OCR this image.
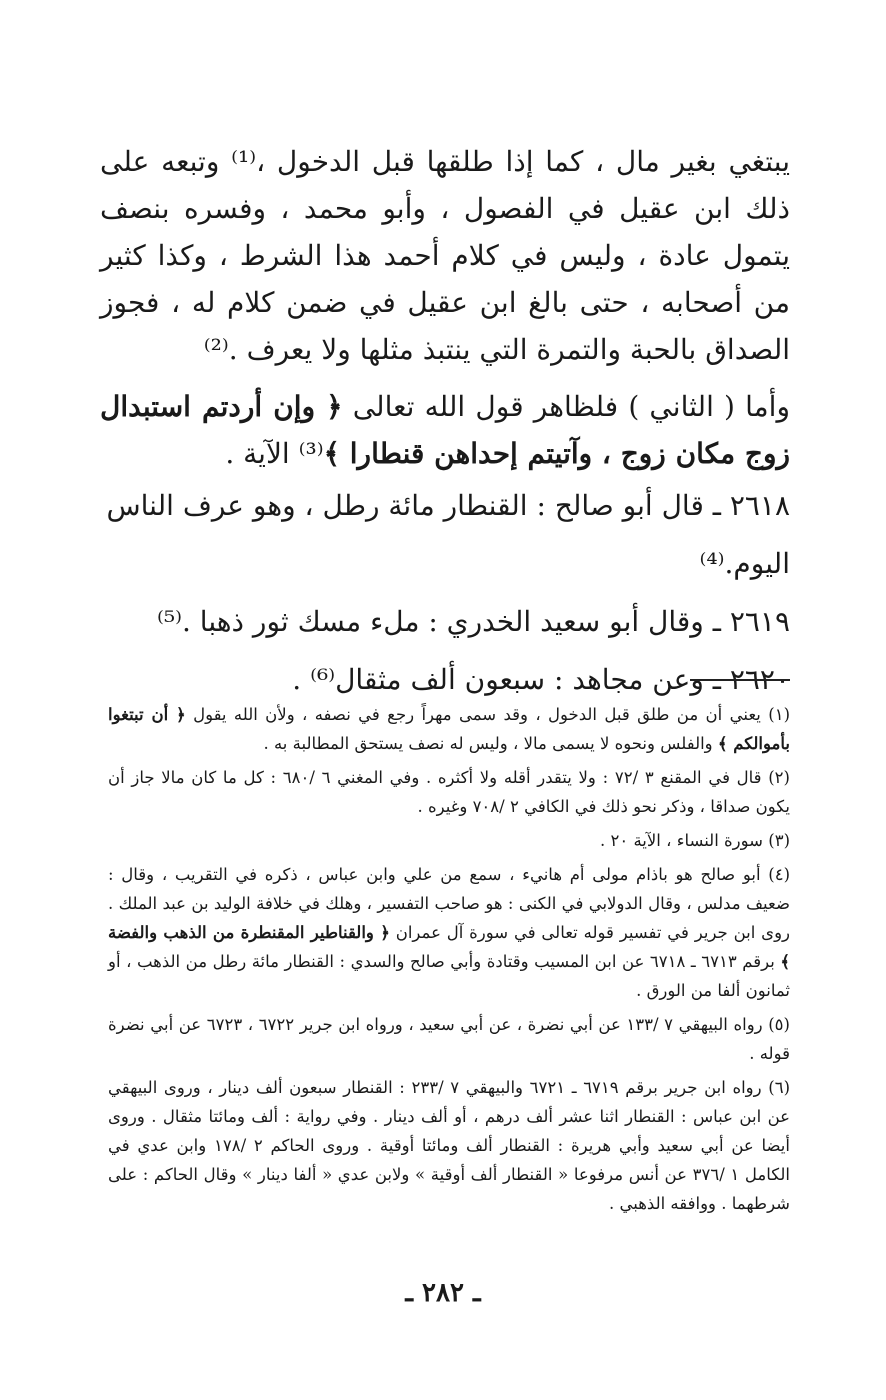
يبتغي بغير مال ، كما إذا طلقها قبل الدخول ،⁽¹⁾ وتبعه على ذلك ابن عقيل في الفصول ، وأبو محمد ، وفسره بنصف يتمول عادة ، وليس في كلام أحمد هذا الشرط ، وكذا كثير من أصحابه ، حتى بالغ ابن عقيل في ضمن كلام له ، فجوز الصداق بالحبة والتمرة التي ينتبذ مثلها ولا يعرف .⁽²⁾

وأما ( الثاني ) فلظاهر قول الله تعالى ﴿ وإن أردتم استبدال زوج مكان زوج ، وآتيتم إحداهن قنطارا ﴾⁽³⁾ الآية .

٢٦١٨ ـ قال أبو صالح : القنطار مائة رطل ، وهو عرف الناس اليوم.⁽⁴⁾

٢٦١٩ ـ وقال أبو سعيد الخدري : ملء مسك ثور ذهبا .⁽⁵⁾

٢٦٢٠ ـ وعن مجاهد : سبعون ألف مثقال⁽⁶⁾ .

(١) يعني أن من طلق قبل الدخول ، وقد سمى مهراً رجع في نصفه ، ولأن الله يقول ﴿ أن تبتغوا بأموالكم ﴾ والفلس ونحوه لا يسمى مالا ، وليس له نصف يستحق المطالبة به .

(٢) قال في المقنع ٣ /٧٢ : ولا يتقدر أقله ولا أكثره . وفي المغني ٦ /٦٨٠ : كل ما كان مالا جاز أن يكون صداقا ، وذكر نحو ذلك في الكافي ٢ /٧٠٨ وغيره .

(٣) سورة النساء ، الآية ٢٠ .

(٤) أبو صالح هو باذام مولى أم هانيء ، سمع من علي وابن عباس ، ذكره في التقريب ، وقال : ضعيف مدلس ، وقال الدولابي في الكنى : هو صاحب التفسير ، وهلك في خلافة الوليد بن عبد الملك . روى ابن جرير في تفسير قوله تعالى في سورة آل عمران ﴿ والقناطير المقنطرة من الذهب والفضة ﴾ برقم ٦٧١٣ ـ ٦٧١٨ عن ابن المسيب وقتادة وأبي صالح والسدي : القنطار مائة رطل من الذهب ، أو ثمانون ألفا من الورق .

(٥) رواه البيهقي ٧ /١٣٣ عن أبي نضرة ، عن أبي سعيد ، ورواه ابن جرير ٦٧٢٢ ، ٦٧٢٣ عن أبي نضرة قوله .

(٦) رواه ابن جرير برقم ٦٧١٩ ـ ٦٧٢١ والبيهقي ٧ /٢٣٣ : القنطار سبعون ألف دينار ، وروى البيهقي عن ابن عباس : القنطار اثنا عشر ألف درهم ، أو ألف دينار . وفي رواية : ألف ومائتا مثقال . وروى أيضا عن أبي سعيد وأبي هريرة : القنطار ألف ومائتا أوقية . وروى الحاكم ٢ /١٧٨ وابن عدي في الكامل ١ /٣٧٦ عن أنس مرفوعا « القنطار ألف أوقية » ولابن عدي « ألفا دينار » وقال الحاكم : على شرطهما . ووافقه الذهبي .

ـ ٢٨٢ ـ
